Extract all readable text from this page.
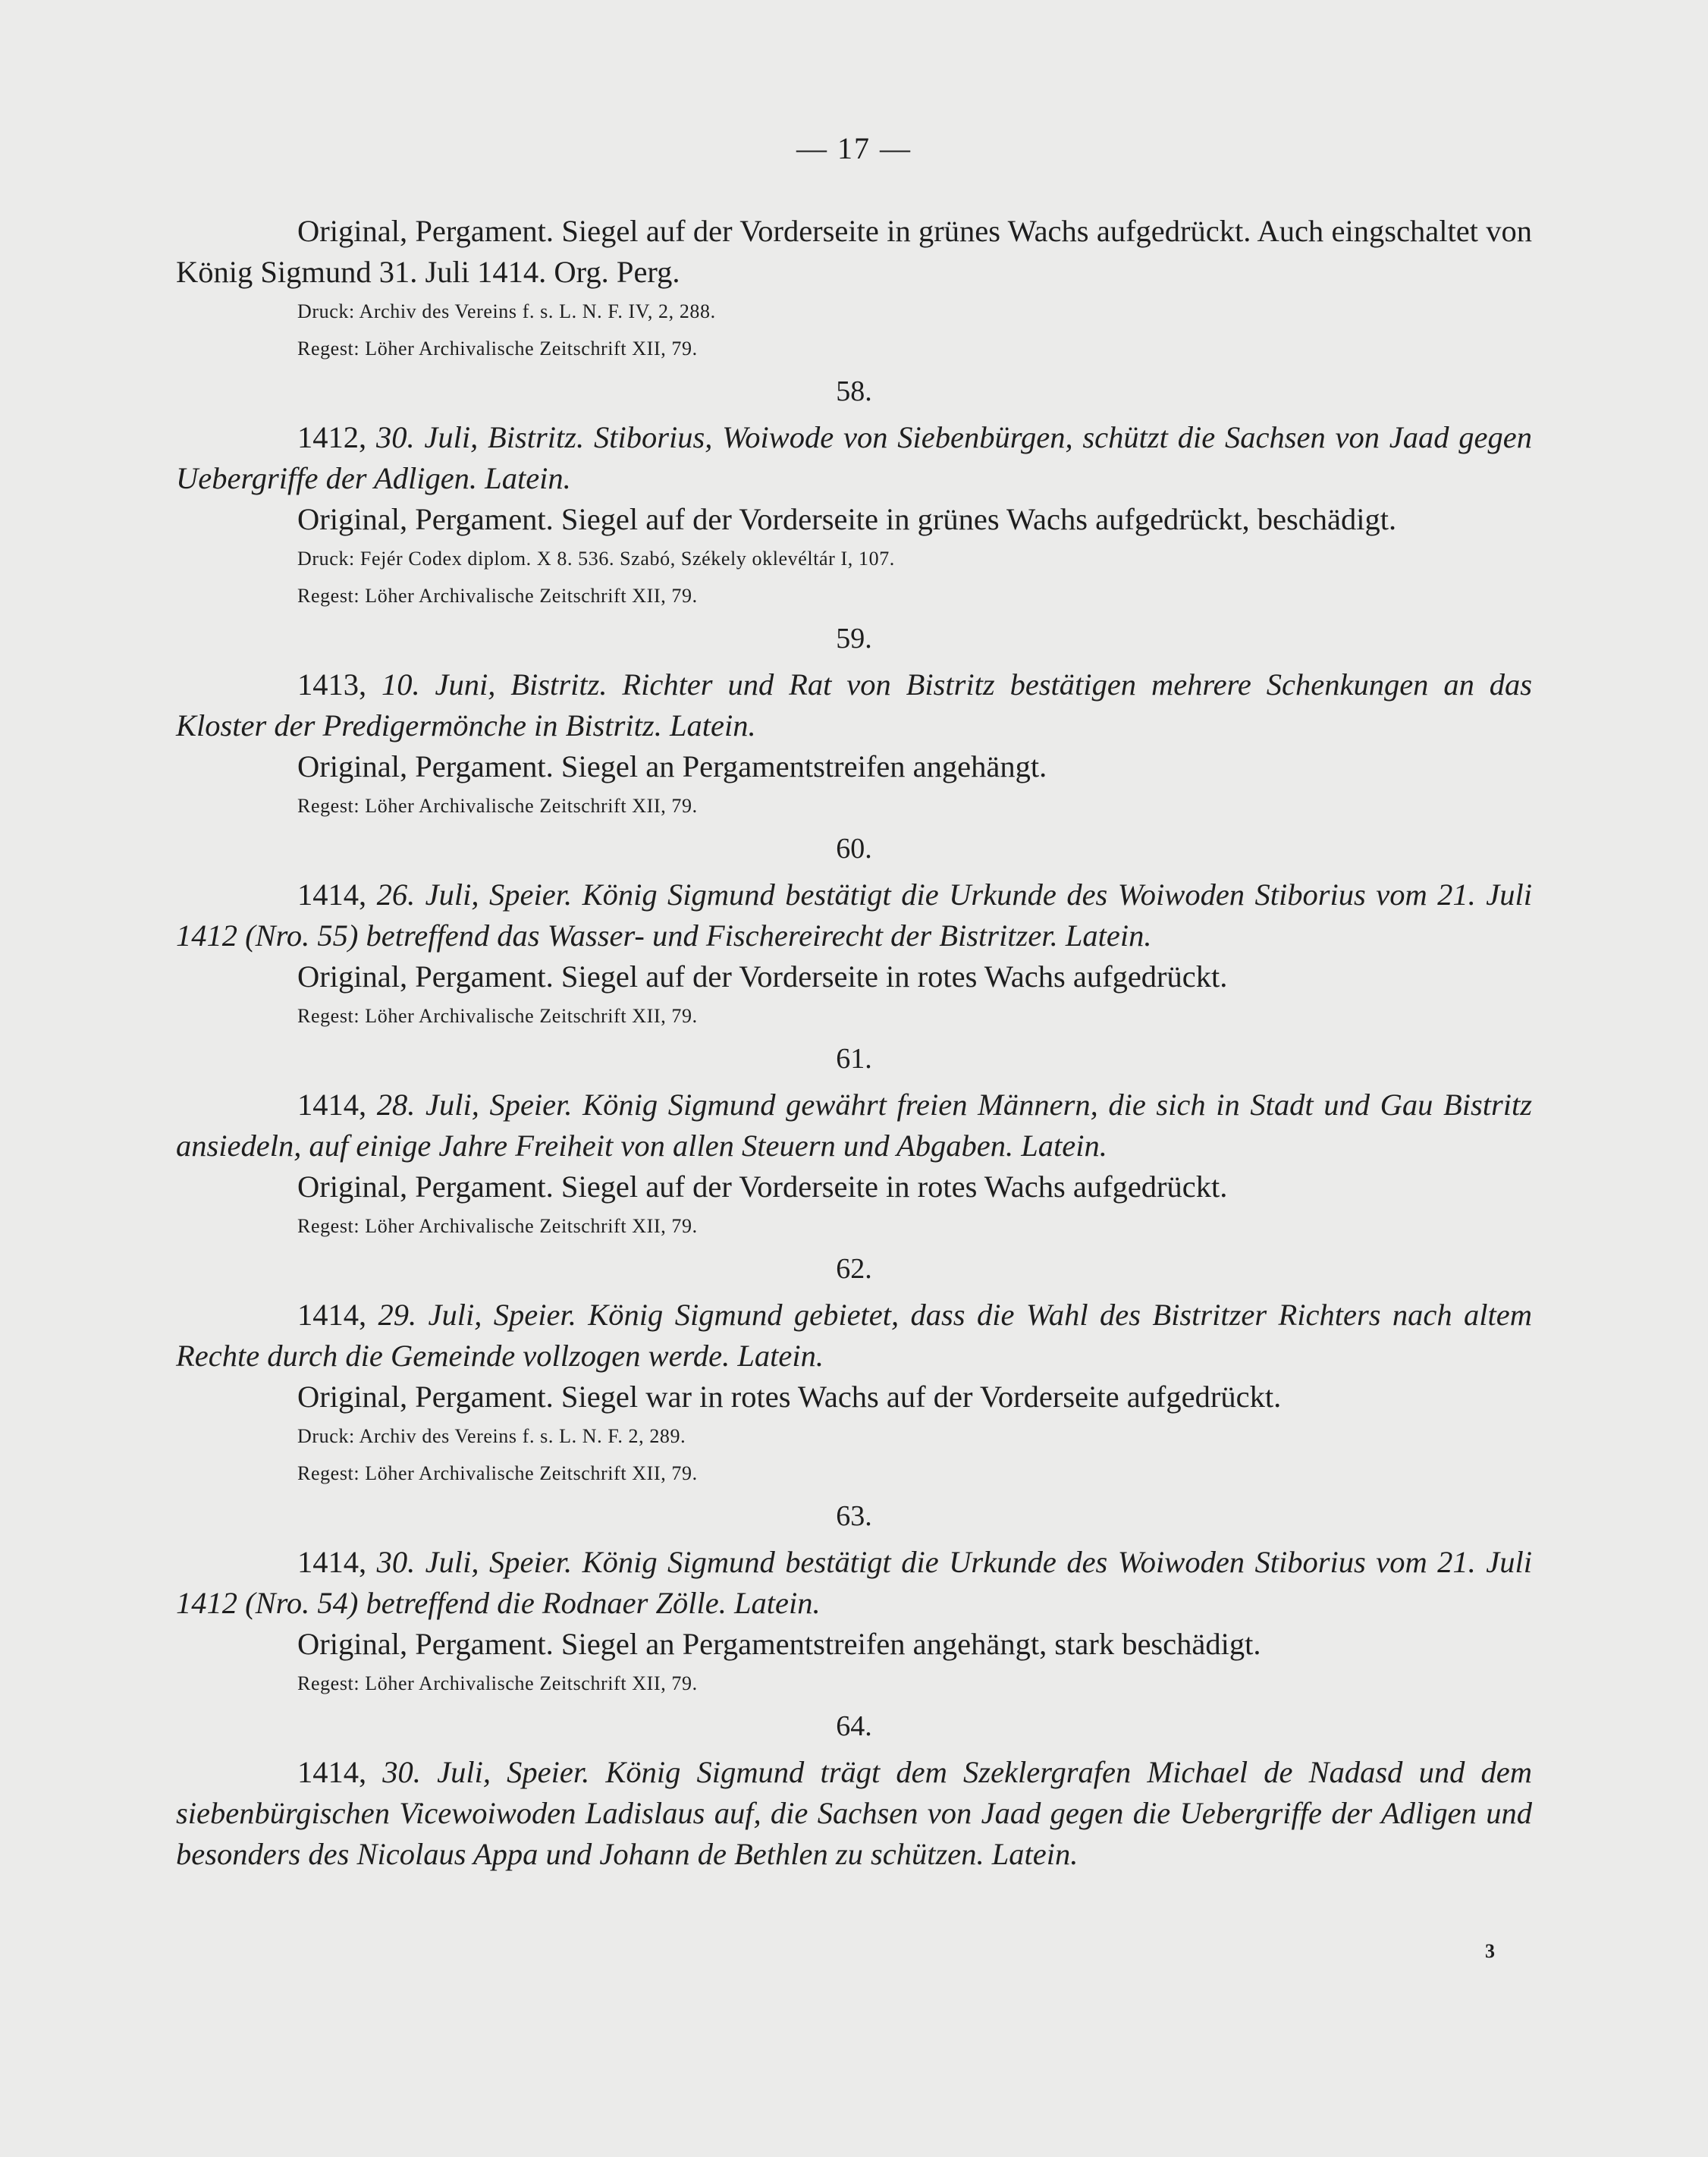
— 17 —

Original, Pergament. Siegel auf der Vorderseite in grünes Wachs aufgedrückt. Auch eingschaltet von König Sigmund 31. Juli 1414. Org. Perg.

Druck: Archiv des Vereins f. s. L. N. F. IV, 2, 288.

Regest: Löher Archivalische Zeitschrift XII, 79.

58.

1412, 30. Juli, Bistritz. Stiborius, Woiwode von Siebenbürgen, schützt die Sachsen von Jaad gegen Uebergriffe der Adligen. Latein.

Original, Pergament. Siegel auf der Vorderseite in grünes Wachs aufgedrückt, beschädigt.

Druck: Fejér Codex diplom. X 8. 536. Szabó, Székely oklevéltár I, 107.

Regest: Löher Archivalische Zeitschrift XII, 79.

59.

1413, 10. Juni, Bistritz. Richter und Rat von Bistritz bestätigen mehrere Schenkungen an das Kloster der Predigermönche in Bistritz. Latein.

Original, Pergament. Siegel an Pergamentstreifen angehängt.

Regest: Löher Archivalische Zeitschrift XII, 79.

60.

1414, 26. Juli, Speier. König Sigmund bestätigt die Urkunde des Woiwoden Stiborius vom 21. Juli 1412 (Nro. 55) betreffend das Wasser- und Fischereirecht der Bistritzer. Latein.

Original, Pergament. Siegel auf der Vorderseite in rotes Wachs aufgedrückt.

Regest: Löher Archivalische Zeitschrift XII, 79.

61.

1414, 28. Juli, Speier. König Sigmund gewährt freien Männern, die sich in Stadt und Gau Bistritz ansiedeln, auf einige Jahre Freiheit von allen Steuern und Abgaben. Latein.

Original, Pergament. Siegel auf der Vorderseite in rotes Wachs aufgedrückt.

Regest: Löher Archivalische Zeitschrift XII, 79.

62.

1414, 29. Juli, Speier. König Sigmund gebietet, dass die Wahl des Bistritzer Richters nach altem Rechte durch die Gemeinde vollzogen werde. Latein.

Original, Pergament. Siegel war in rotes Wachs auf der Vorderseite aufgedrückt.

Druck: Archiv des Vereins f. s. L. N. F. 2, 289.

Regest: Löher Archivalische Zeitschrift XII, 79.

63.

1414, 30. Juli, Speier. König Sigmund bestätigt die Urkunde des Woiwoden Stiborius vom 21. Juli 1412 (Nro. 54) betreffend die Rodnaer Zölle. Latein.

Original, Pergament. Siegel an Pergamentstreifen angehängt, stark beschädigt.

Regest: Löher Archivalische Zeitschrift XII, 79.

64.

1414, 30. Juli, Speier. König Sigmund trägt dem Szeklergrafen Michael de Nadasd und dem siebenbürgischen Vicewoiwoden Ladislaus auf, die Sachsen von Jaad gegen die Uebergriffe der Adligen und besonders des Nicolaus Appa und Johann de Bethlen zu schützen. Latein.

3
